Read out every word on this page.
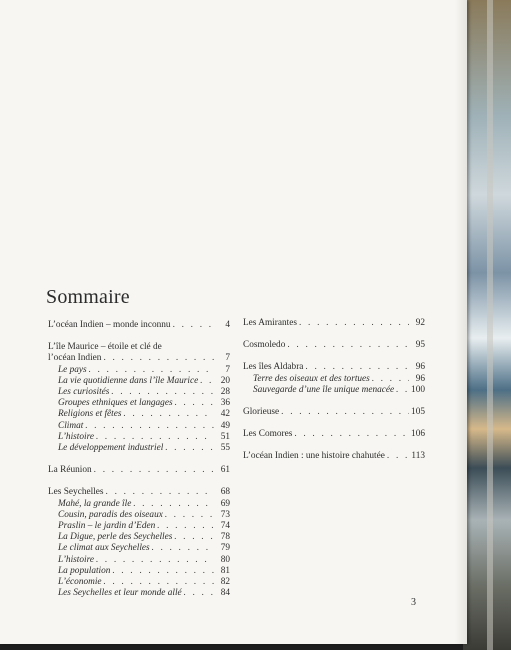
Sommaire
L’océan Indien – monde inconnu . . .	4
L’île Maurice – étoile et clé de
l’océan Indien . . .	7
Le pays . . .	7
La vie quotidienne dans l’île Maurice . . .	20
Les curiosités . . .	28
Groupes ethniques et langages . . .	36
Religions et fêtes . . .	42
Climat . . .	49
L’histoire . . .	51
Le développement industriel . . .	55
La Réunion . . .	61
Les Seychelles . . .	68
Mahé, la grande île . . .	69
Cousin, paradis des oiseaux . . .	73
Praslin – le jardin d’Eden . . .	74
La Digue, perle des Seychelles . . .	78
Le climat aux Seychelles . . .	79
L’histoire . . .	80
La population . . .	81
L’économie . . .	82
Les Seychelles et leur monde allé . . .	84
Les Amirantes . . .	92
Cosmoledo . . .	95
Les îles Aldabra . . .	96
Terre des oiseaux et des tortues . . .	96
Sauvegarde d’une île unique menacée . . . 100
Glorieuse . . .	105
Les Comores . . .	106
L’océan Indien : une histoire chahutée . . .	113
3
